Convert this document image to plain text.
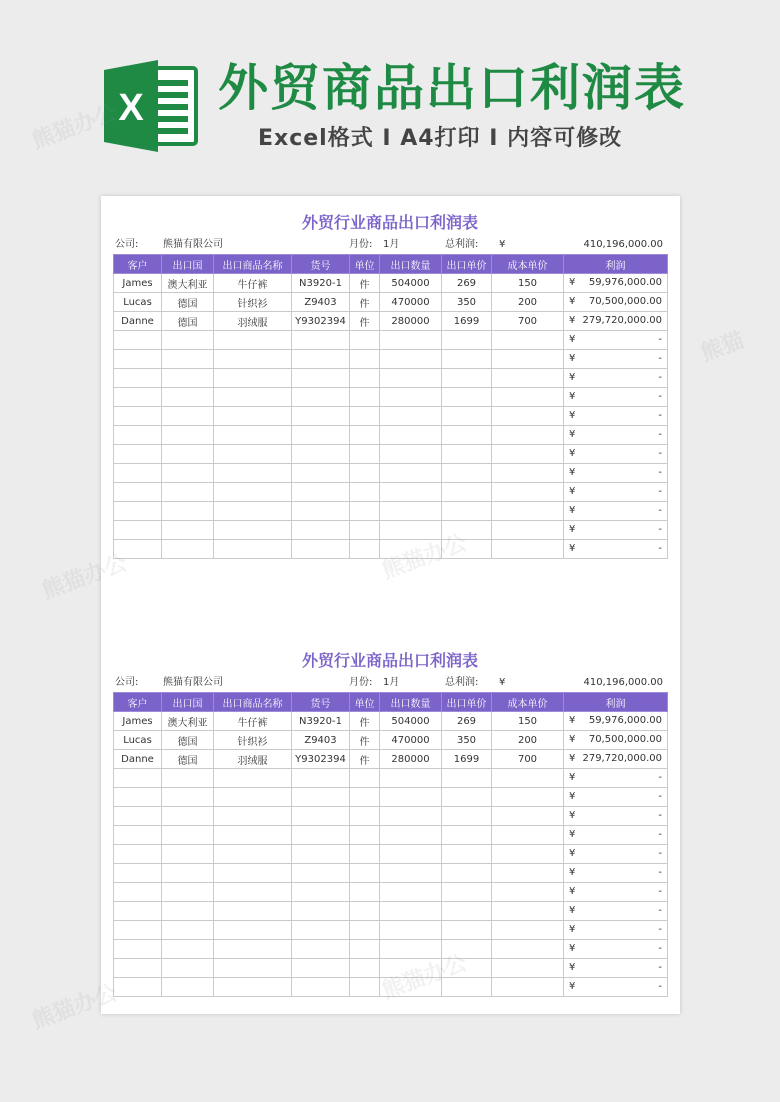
X 外贸商品出口利润表
Excel格式 I A4打印 I 内容可修改
外贸行业商品出口利润表
公司: 熊猫有限公司	月份: 1月	总利润: ¥	410,196,000.00
客户	出口国	出口商品名称	货号	单位	出口数量	出口单价	成本单价	利润
James	澳大利亚	牛仔裤	N3920-1	件	504000	269	150	¥ 59,976,000.00

Lucas	德国	针织衫	Z9403	件	470000	350	200	¥ 70,500,000.00

Danne	德国	羽绒服	Y9302394	件	280000	1699	700	¥ 279,720,000.00

								¥ -

								¥ -

								¥ -

								¥ -

								¥ -

								¥ -

								¥ -

								¥ -

								¥ -

								¥ -

								¥ -

								¥ -
外贸行业商品出口利润表
公司: 熊猫有限公司	月份: 1月	总利润: ¥	410,196,000.00
客户	出口国	出口商品名称	货号	单位	出口数量	出口单价	成本单价	利润
James	澳大利亚	牛仔裤	N3920-1	件	504000	269	150	¥ 59,976,000.00

Lucas	德国	针织衫	Z9403	件	470000	350	200	¥ 70,500,000.00

Danne	德国	羽绒服	Y9302394	件	280000	1699	700	¥ 279,720,000.00

								¥ -

								¥ -

								¥ -

								¥ -

								¥ -

								¥ -

								¥ -

								¥ -

								¥ -

								¥ -

								¥ -

								¥ -
熊猫办公
熊猫办公
熊猫
熊猫办公
